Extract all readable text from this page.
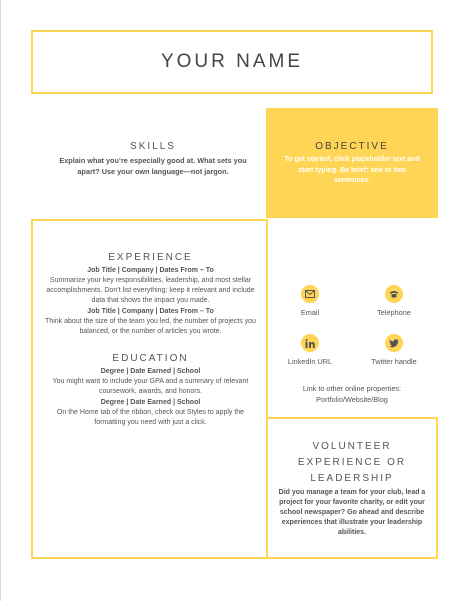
YOUR NAME
SKILLS

Explain what you’re especially good at. What sets you apart? Use your own language—not jargon.

OBJECTIVE

To get started, click placeholder text and start typing. Be brief: one or two sentences.

EXPERIENCE

Job Title | Company | Dates From – To

Summarize your key responsibilities, leadership, and most stellar accomplishments. Don’t list everything; keep it relevant and include data that shows the impact you made.

Job Title | Company | Dates From – To

Think about the size of the team you led, the number of projects you balanced, or the number of articles you wrote.

EDUCATION

Degree | Date Earned | School

You might want to include your GPA and a summary of relevant coursework, awards, and honors.

Degree | Date Earned | School

On the Home tab of the ribbon, check out Styles to apply the formatting you need with just a click.

Email	Telephone
LinkedIn URL	Twitter handle

Link to other online properties:

Portfolio/Website/Blog

VOLUNTEER
EXPERIENCE OR
LEADERSHIP

Did you manage a team for your club, lead a project for your favorite charity, or edit your school newspaper? Go ahead and describe experiences that illustrate your leadership abilities.
